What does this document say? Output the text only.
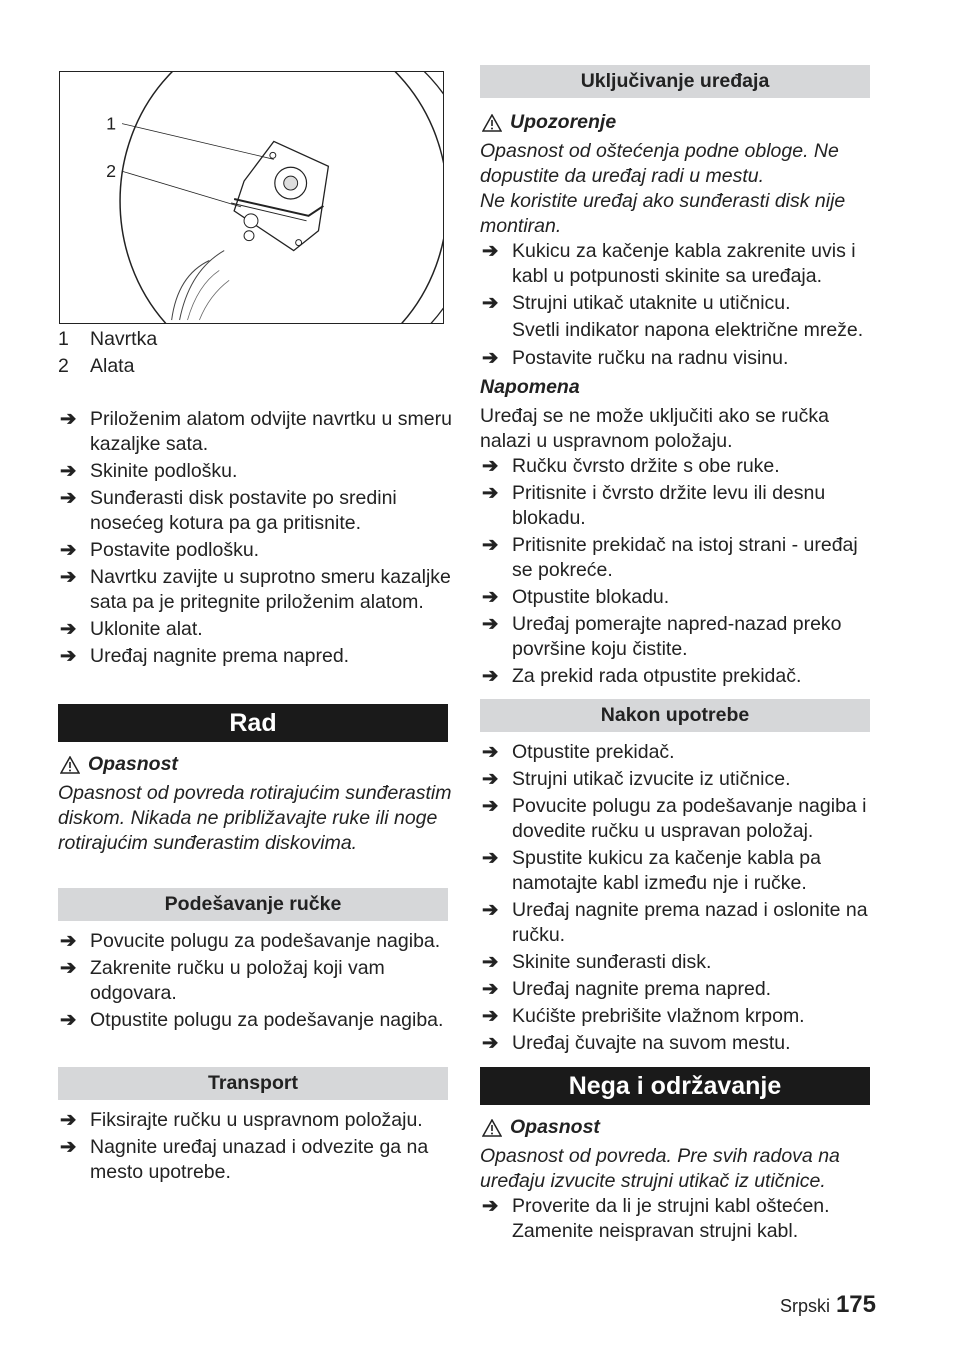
1
2
1	Navrtka
2	Alata
➔ Priloženim alatom odvijte navrtku u smeru kazaljke sata.
➔ Skinite podlošku.
➔ Sunđerasti disk postavite po sredini nosećeg kotura pa ga pritisnite.
➔ Postavite podlošku.
➔ Navrtku zavijte u suprotno smeru kazaljke sata pa je pritegnite priloženim alatom.
➔ Uklonite alat.
➔ Uređaj nagnite prema napred.
Rad
Opasnost
Opasnost od povreda rotirajućim sunđerastim diskom. Nikada ne približavajte ruke ili noge rotirajućim sunđerastim diskovima.
Podešavanje ručke
➔ Povucite polugu za podešavanje nagiba.
➔ Zakrenite ručku u položaj koji vam odgovara.
➔ Otpustite polugu za podešavanje nagiba.
Transport
➔ Fiksirajte ručku u uspravnom položaju.
➔ Nagnite uređaj unazad i odvezite ga na mesto upotrebe.
Uključivanje uređaja
Upozorenje
Opasnost od oštećenja podne obloge. Ne dopustite da uređaj radi u mestu.
Ne koristite uređaj ako sunđerasti disk nije montiran.
➔ Kukicu za kačenje kabla zakrenite uvis i kabl u potpunosti skinite sa uređaja.
➔ Strujni utikač utaknite u utičnicu.
Svetli indikator napona električne mreže.
➔ Postavite ručku na radnu visinu.
Napomena
Uređaj se ne može uključiti ako se ručka nalazi u uspravnom položaju.
➔ Ručku čvrsto držite s obe ruke.
➔ Pritisnite i čvrsto držite levu ili desnu blokadu.
➔ Pritisnite prekidač na istoj strani - uređaj se pokreće.
➔ Otpustite blokadu.
➔ Uređaj pomerajte napred-nazad preko površine koju čistite.
➔ Za prekid rada otpustite prekidač.
Nakon upotrebe
➔ Otpustite prekidač.
➔ Strujni utikač izvucite iz utičnice.
➔ Povucite polugu za podešavanje nagiba i dovedite ručku u uspravan položaj.
➔ Spustite kukicu za kačenje kabla pa namotajte kabl između nje i ručke.
➔ Uređaj nagnite prema nazad i oslonite na ručku.
➔ Skinite sunđerasti disk.
➔ Uređaj nagnite prema napred.
➔ Kućište prebrišite vlažnom krpom.
➔ Uređaj čuvajte na suvom mestu.
Nega i održavanje
Opasnost
Opasnost od povreda. Pre svih radova na uređaju izvucite strujni utikač iz utičnice.
➔ Proverite da li je strujni kabl oštećen.
Zamenite neispravan strujni kabl.
Srpski 175
